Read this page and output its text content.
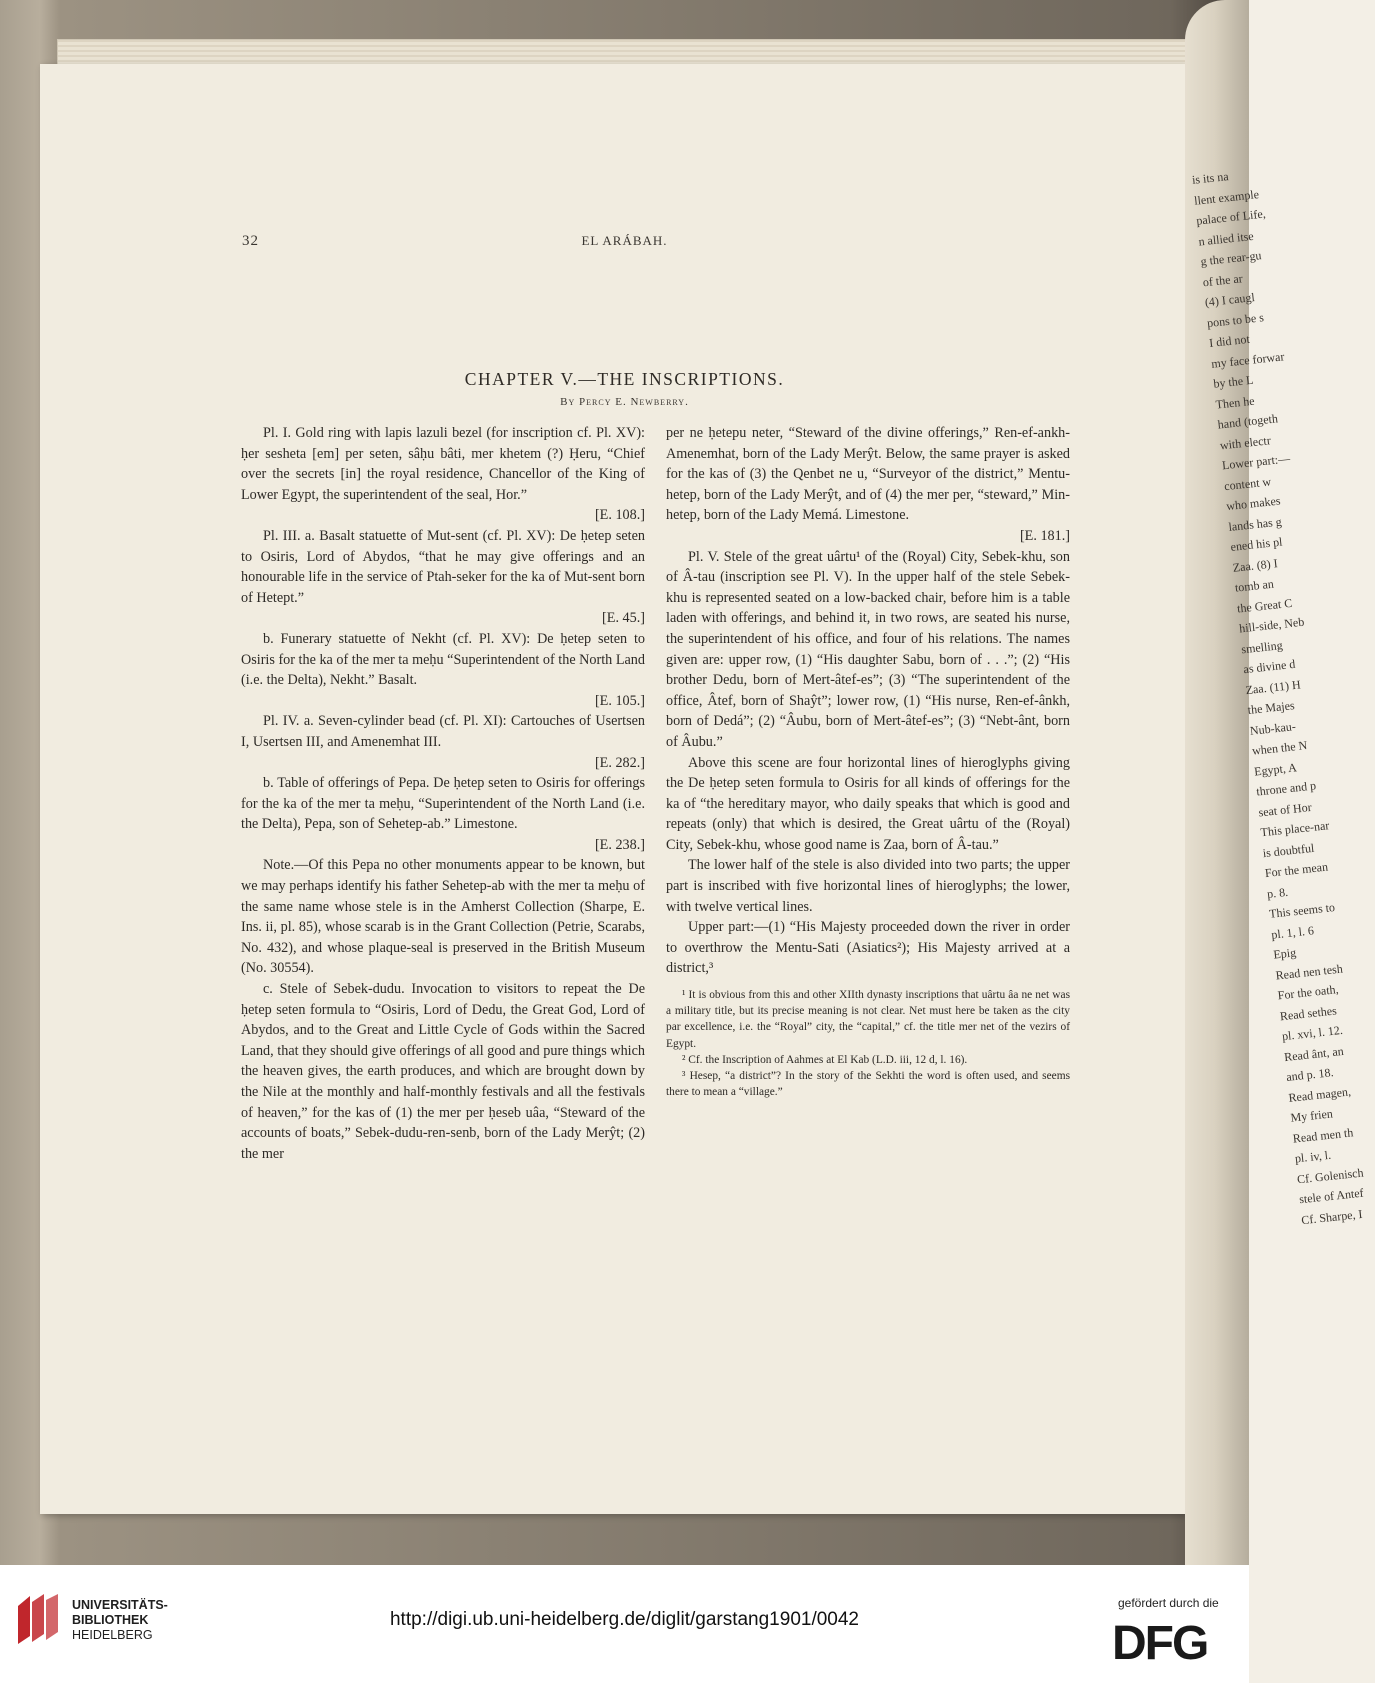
is its na
llent example
palace of Life,
n allied itse
g the rear-gu
of the ar
(4) I caugl
pons to be s
I did not
my face forwar
by the L
Then he
hand (togeth
with electr
Lower part:—
content w
who makes
lands has g
ened his pl
Zaa. (8) I
tomb an
the Great C
hill-side, Neb
smelling
as divine d
Zaa. (11) H
the Majes
Nub-kau-
when the N
Egypt, A
throne and p
seat of Hor
This place-nar
is doubtful
For the mean
p. 8.
This seems to
pl. 1, l. 6
Epig
Read nen tesh
For the oath,
Read sethes
pl. xvi, l. 12.
Read ânt, an
and p. 18.
Read magen,
My frien
Read men th
pl. iv, l.
Cf. Golenisch
stele of Antef
Cf. Sharpe, I
32	EL ARÁBAH.
CHAPTER V.—THE INSCRIPTIONS.
By Percy E. Newberry.

Pl. I. Gold ring with lapis lazuli bezel (for inscription cf. Pl. XV): ḥer sesheta [em] per seten, sâḥu bâti, mer khetem (?) Ḥeru, “Chief over the secrets [in] the royal residence, Chancellor of the King of Lower Egypt, the superintendent of the seal, Hor.”

[E. 108.]

Pl. III. a. Basalt statuette of Mut-sent (cf. Pl. XV): De ḥetep seten to Osiris, Lord of Abydos, “that he may give offerings and an honourable life in the service of Ptah-seker for the ka of Mut-sent born of Hetept.”

[E. 45.]

b. Funerary statuette of Nekht (cf. Pl. XV): De ḥetep seten to Osiris for the ka of the mer ta meḥu “Superintendent of the North Land (i.e. the Delta), Nekht.” Basalt.

[E. 105.]

Pl. IV. a. Seven-cylinder bead (cf. Pl. XI): Cartouches of Usertsen I, Usertsen III, and Amenemhat III.

[E. 282.]

b. Table of offerings of Pepa. De ḥetep seten to Osiris for offerings for the ka of the mer ta meḥu, “Superintendent of the North Land (i.e. the Delta), Pepa, son of Sehetep-ab.” Limestone.

[E. 238.]

Note.—Of this Pepa no other monuments appear to be known, but we may perhaps identify his father Sehetep-ab with the mer ta meḥu of the same name whose stele is in the Amherst Collection (Sharpe, E. Ins. ii, pl. 85), whose scarab is in the Grant Collection (Petrie, Scarabs, No. 432), and whose plaque-seal is preserved in the British Museum (No. 30554).

c. Stele of Sebek-dudu. Invocation to visitors to repeat the De ḥetep seten formula to “Osiris, Lord of Dedu, the Great God, Lord of Abydos, and to the Great and Little Cycle of Gods within the Sacred Land, that they should give offerings of all good and pure things which the heaven gives, the earth produces, and which are brought down by the Nile at the monthly and half-monthly festivals and all the festivals of heaven,” for the kas of (1) the mer per ḥeseb uâa, “Steward of the accounts of boats,” Sebek-dudu-ren-senb, born of the Lady Merŷt; (2) the mer

per ne ḥetepu neter, “Steward of the divine offerings,” Ren-ef-ankh-Amenemhat, born of the Lady Merŷt. Below, the same prayer is asked for the kas of (3) the Qenbet ne u, “Surveyor of the district,” Mentu-hetep, born of the Lady Merŷt, and of (4) the mer per, “steward,” Min-hetep, born of the Lady Memá. Limestone.

[E. 181.]

Pl. V. Stele of the great uârtu¹ of the (Royal) City, Sebek-khu, son of Â-tau (inscription see Pl. V). In the upper half of the stele Sebek-khu is represented seated on a low-backed chair, before him is a table laden with offerings, and behind it, in two rows, are seated his nurse, the superintendent of his office, and four of his relations. The names given are: upper row, (1) “His daughter Sabu, born of . . .”; (2) “His brother Dedu, born of Mert-âtef-es”; (3) “The superintendent of the office, Âtef, born of Shaŷt”; lower row, (1) “His nurse, Ren-ef-ânkh, born of Dedá”; (2) “Âubu, born of Mert-âtef-es”; (3) “Nebt-ânt, born of Âubu.”

Above this scene are four horizontal lines of hieroglyphs giving the De ḥetep seten formula to Osiris for all kinds of offerings for the ka of “the hereditary mayor, who daily speaks that which is good and repeats (only) that which is desired, the Great uârtu of the (Royal) City, Sebek-khu, whose good name is Zaa, born of Â-tau.”

The lower half of the stele is also divided into two parts; the upper part is inscribed with five horizontal lines of hieroglyphs; the lower, with twelve vertical lines.

Upper part:—(1) “His Majesty proceeded down the river in order to overthrow the Mentu-Sati (Asiatics²); His Majesty arrived at a district,³

¹ It is obvious from this and other XIIth dynasty inscriptions that uârtu âa ne net was a military title, but its precise meaning is not clear. Net must here be taken as the city par excellence, i.e. the “Royal” city, the “capital,” cf. the title mer net of the vezirs of Egypt.

² Cf. the Inscription of Aahmes at El Kab (L.D. iii, 12 d, l. 16).

³ Hesep, “a district”? In the story of the Sekhti the word is often used, and seems there to mean a “village.”

UNIVERSITÄTS-
BIBLIOTHEK
HEIDELBERG
http://digi.ub.uni-heidelberg.de/diglit/garstang1901/0042
gefördert durch die
DFG
